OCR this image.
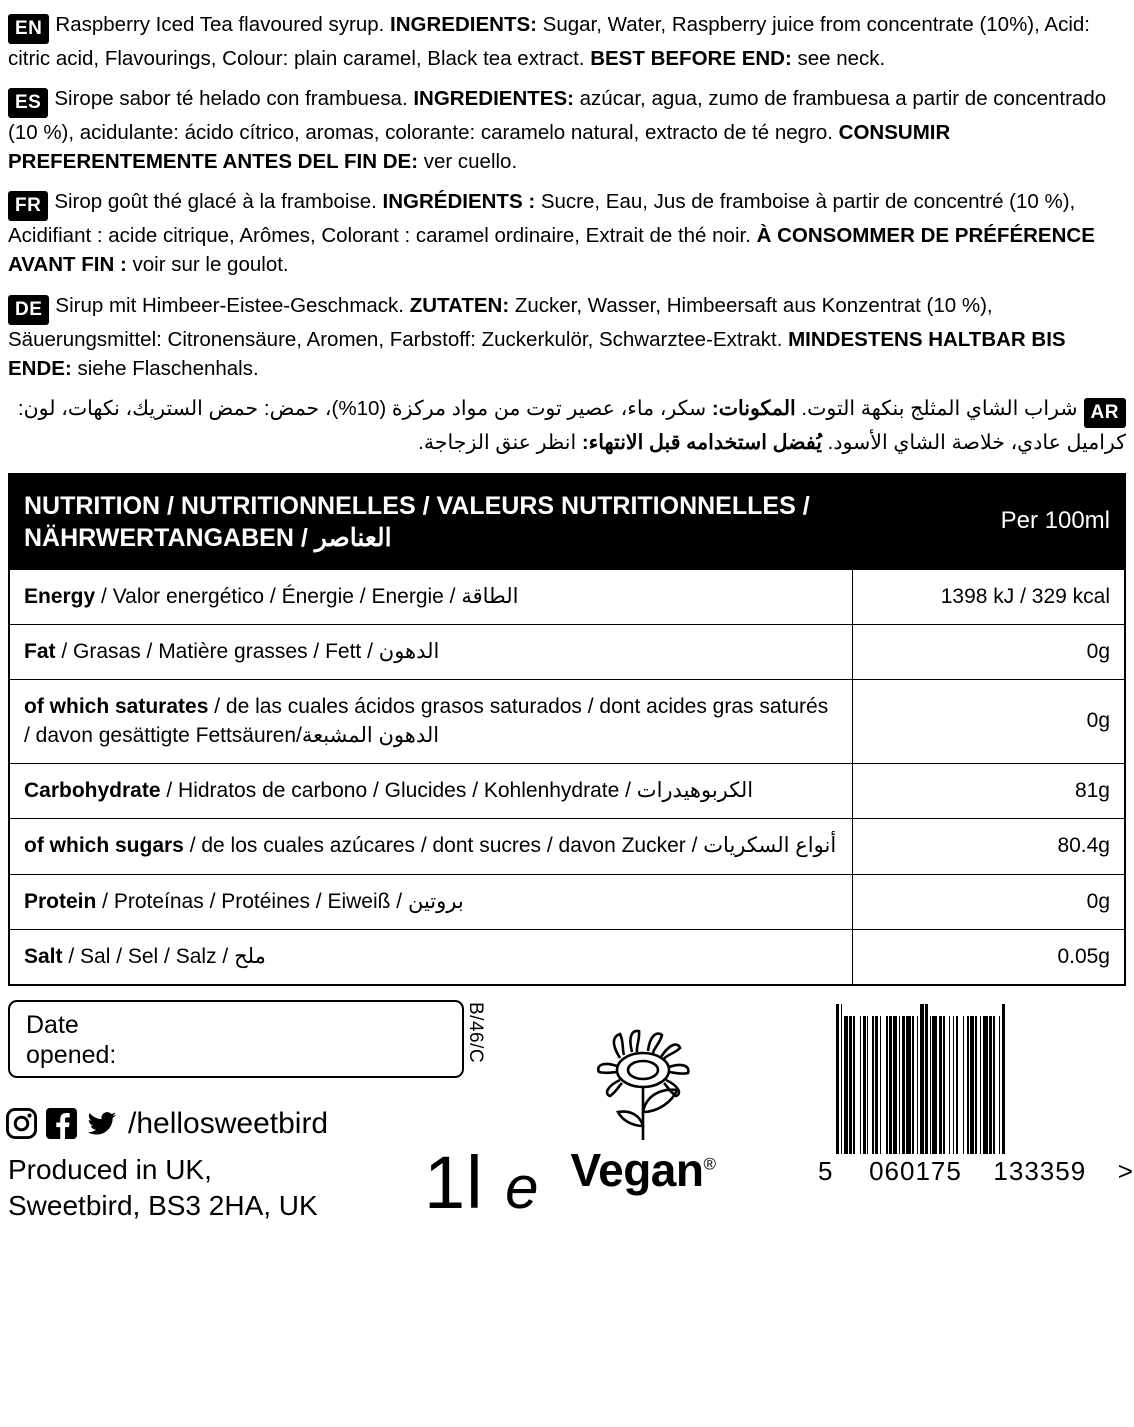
EN Raspberry Iced Tea flavoured syrup. INGREDIENTS: Sugar, Water, Raspberry juice from concentrate (10%), Acid: citric acid, Flavourings, Colour: plain caramel, Black tea extract. BEST BEFORE END: see neck.
ES Sirope sabor té helado con frambuesa. INGREDIENTES: azúcar, agua, zumo de frambuesa a partir de concentrado (10 %), acidulante: ácido cítrico, aromas, colorante: caramelo natural, extracto de té negro. CONSUMIR PREFERENTEMENTE ANTES DEL FIN DE: ver cuello.
FR Sirop goût thé glacé à la framboise. INGRÉDIENTS : Sucre, Eau, Jus de framboise à partir de concentré (10 %), Acidifiant : acide citrique, Arômes, Colorant : caramel ordinaire, Extrait de thé noir. À CONSOMMER DE PRÉFÉRENCE AVANT FIN : voir sur le goulot.
DE Sirup mit Himbeer-Eistee-Geschmack. ZUTATEN: Zucker, Wasser, Himbeersaft aus Konzentrat (10 %), Säuerungsmittel: Citronensäure, Aromen, Farbstoff: Zuckerkulör, Schwarztee-Extrakt. MINDESTENS HALTBAR BIS ENDE: siehe Flaschenhals.
ARشراب الشاي المثلج بنكهة التوت. المكونات: سكر، ماء، عصير توت من مواد مركزة (10%)، حمض: حمض الستريك، نكهات، لون: كراميل عادي، خلاصة الشاي الأسود. يُفضل استخدامه قبل الانتهاء: انظر عنق الزجاجة.
NUTRITION / NUTRITIONNELLES / VALEURS NUTRITIONNELLES / NÄHRWERTANGABEN / العناصر	Per 100ml
Energy / Valor energético / Énergie / Energie / الطاقة	1398 kJ / 329 kcal
Fat / Grasas / Matière grasses / Fett / الدهون	0g
of which saturates / de las cuales ácidos grasos saturados / dont acides gras saturés / davon gesättigte Fettsäuren/الدهون المشبعة	0g
Carbohydrate / Hidratos de carbono / Glucides / Kohlenhydrate / الكربوهيدرات	81g
of which sugars / de los cuales azúcares / dont sucres / davon Zucker / أنواع السكريات	80.4g
Protein / Proteínas / Protéines / Eiweiß / بروتين	0g
Salt / Sal / Sel / Salz / ملح	0.05g
Date
opened:	B/46/C
/hellosweetbird
Produced in UK,
Sweetbird, BS3 2HA, UK 1l e Vegan®	5 060175 133359 >
